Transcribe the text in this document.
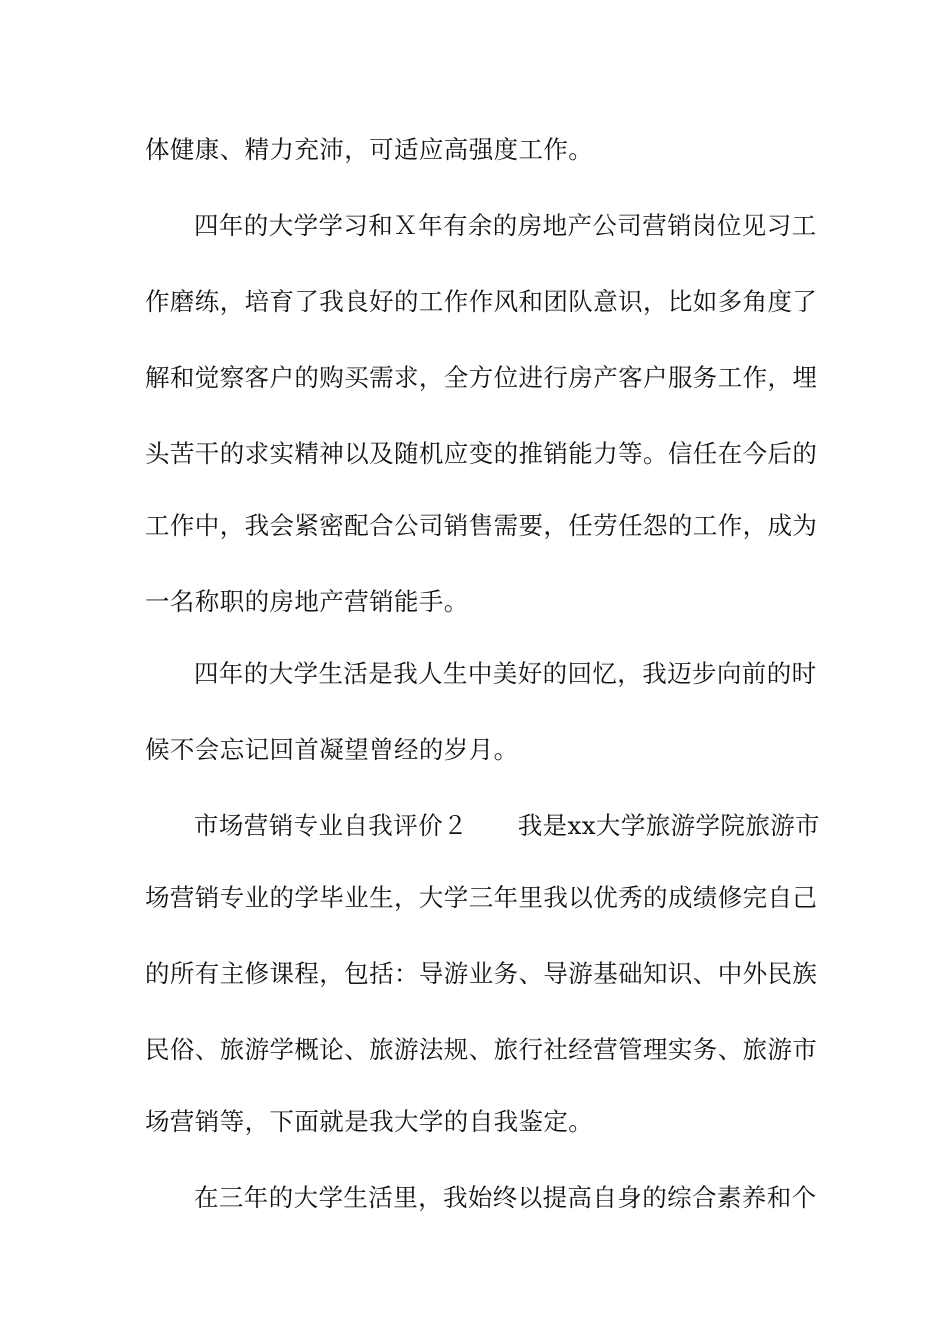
体健康、精力充沛，可适应高强度工作。

四年的大学学习和Ｘ年有余的房地产公司营销岗位见习工

作磨练，培育了我良好的工作作风和团队意识，比如多角度了

解和觉察客户的购买需求，全方位进行房产客户服务工作，埋

头苦干的求实精神以及随机应变的推销能力等。信任在今后的

工作中，我会紧密配合公司销售需要，任劳任怨的工作，成为

一名称职的房地产营销能手。

四年的大学生活是我人生中美好的回忆，我迈步向前的时

候不会忘记回首凝望曾经的岁月。

市场营销专业自我评价２　　我是xx大学旅游学院旅游市

场营销专业的学毕业生，大学三年里我以优秀的成绩修完自己

的所有主修课程，包括：导游业务、导游基础知识、中外民族

民俗、旅游学概论、旅游法规、旅行社经营管理实务、旅游市

场营销等，下面就是我大学的自我鉴定。

在三年的大学生活里，我始终以提高自身的综合素养和个
